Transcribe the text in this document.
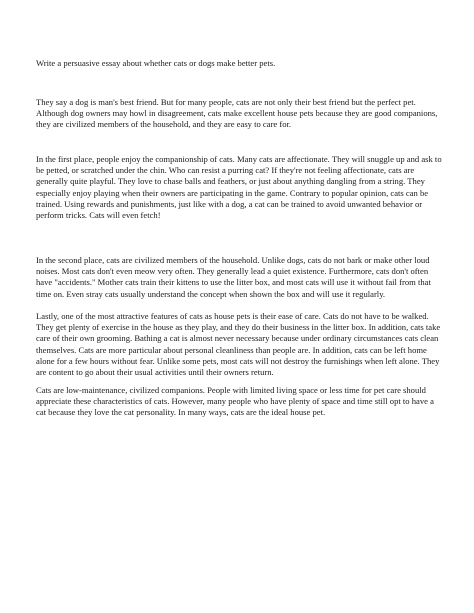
Write a persuasive essay about whether cats or dogs make better pets.

They say a dog is man's best friend. But for many people, cats are not only their best friend but the perfect pet. Although dog owners may howl in disagreement, cats make excellent house pets because they are good companions, they are civilized members of the household, and they are easy to care for.

In the first place, people enjoy the companionship of cats. Many cats are affectionate. They will snuggle up and ask to be petted, or scratched under the chin. Who can resist a purring cat? If they're not feeling affectionate, cats are generally quite playful. They love to chase balls and feathers, or just about anything dangling from a string. They especially enjoy playing when their owners are participating in the game. Contrary to popular opinion, cats can be trained. Using rewards and punishments, just like with a dog, a cat can be trained to avoid unwanted behavior or perform tricks. Cats will even fetch!

In the second place, cats are civilized members of the household. Unlike dogs, cats do not bark or make other loud noises. Most cats don't even meow very often. They generally lead a quiet existence. Furthermore, cats don't often have "accidents." Mother cats train their kittens to use the litter box, and most cats will use it without fail from that time on. Even stray cats usually understand the concept when shown the box and will use it regularly.

Lastly, one of the most attractive features of cats as house pets is their ease of care. Cats do not have to be walked. They get plenty of exercise in the house as they play, and they do their business in the litter box. In addition, cats take care of their own grooming. Bathing a cat is almost never necessary because under ordinary circumstances cats clean themselves. Cats are more particular about personal cleanliness than people are. In addition, cats can be left home alone for a few hours without fear. Unlike some pets, most cats will not destroy the furnishings when left alone. They are content to go about their usual activities until their owners return.

Cats are low-maintenance, civilized companions. People with limited living space or less time for pet care should appreciate these characteristics of cats. However, many people who have plenty of space and time still opt to have a cat because they love the cat personality. In many ways, cats are the ideal house pet.
